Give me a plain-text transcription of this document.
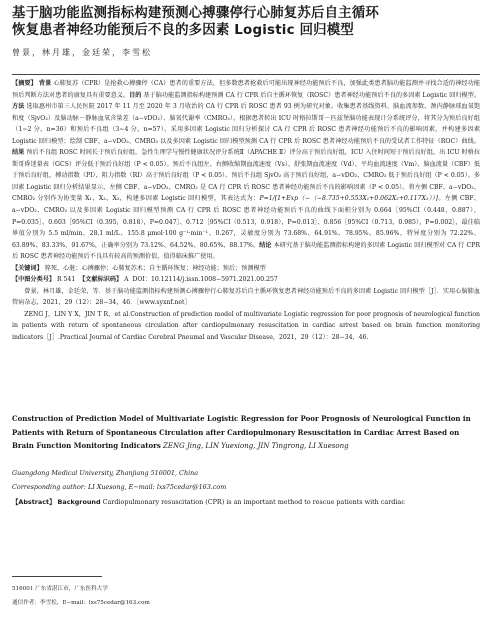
基于脑功能监测指标构建预测心搏骤停行心肺复苏后自主循环
恢复患者神经功能预后不良的多因素 Logistic 回归模型
曾景，林月雄，金廷荣，李雪松

【摘要】 背景 心肺复苏（CPR）是抢救心搏骤停（CA）患者的重要方法，但多数患者抢救后可能出现神经功能预后不良，加强此类患者脑功能监测并寻找合适的神经功能预后判断方法对患者的康复具有重要意义。目的 基于脑功能监测指标构建预测 CA 行 CPR 后自主循环恢复（ROSC）患者神经功能预后不良的多因素 Logistic 回归模型。方法 选取惠州市第三人民医院 2017 年 11 月至 2020 年 3 月收治的 CA 行 CPR 后 ROSC 患者 93 例为研究对象。收集患者基线资料、脑血流参数、颈内静脉球血氧饱和度（SjvO₂）及脑动脉－静脉血氧含量差（a−vDO₂）、脑氧代谢率（CMRO₂）。根据患者转出 ICU 时格拉斯哥－匹兹堡脑功能表现计分系统评分，将其分为预后良好组（1~2 分，n=36）和预后不良组（3~4 分，n=57）。采用多因素 Logistic 回归分析探讨 CA 行 CPR 后 ROSC 患者神经功能预后不良的影响因素，并构建多因素 Logistic 回归模型；绘制 CBF、a−vDO₂、CMRO₂ 以及多因素 Logistic 回归模型预测 CA 行 CPR 后 ROSC 患者神经功能预后不良的受试者工作特征（ROC）曲线。结果 预后不良组 ROSC 时间长于预后良好组，急性生理学与慢性健康状况评分系统Ⅱ（APACHE Ⅱ）评分高于预后良好组，ICU 入住时间短于预后良好组，出 ICU 时格拉斯哥昏迷量表（GCS）评分低于预后良好组（P < 0.05）。预后不良组左、右侧收缩期血流速度（Vs）、舒张期血流速度（Vd）、平均血流速度（Vm）、脑血流量（CBF）低于预后良好组，搏动指数（PI）、阻力指数（RI）高于预后良好组（P < 0.05）。预后不良组 SjvO₂ 高于预后良好组，a−vDO₂、CMRO₂ 低于预后良好组（P < 0.05）。多因素 Logistic 回归分析结果显示，左侧 CBF、a−vDO₂、CMRO₂ 是 CA 行 CPR 后 ROSC 患者神经功能预后不良的影响因素（P < 0.05）。将左侧 CBF、a−vDO₂、CMRO₂ 分别作为协变量 X₁、X₂、X₃，构建多因素 Logistic 回归模型，其表达式为：P=1/[1+Exp（−（−8.735+0.553X₁+0.062X₂+0.117X₃））]。左侧 CBF、a−vDO₂、CMRO₂ 以及多因素 Logistic 回归模型预测 CA 行 CPR 后 ROSC 患者神经功能预后不良的曲线下面积分别为 0.664［95%CI（0.448，0.887），P=0.035］、0.603［95%CI（0.395，0.818），P=0.047］、0.712［95%CI（0.513，0.918），P=0.013］、0.856［95%CI（0.713，0.985），P=0.002］，最佳临界值分别为 5.5 ml/min、28.1 ml/L、155.8 μmol·100 g⁻¹·min⁻¹、0.267，灵敏度分别为 73.68%、64.91%、78.95%、85.96%，特异度分别为 72.22%、63.89%、83.33%、91.67%，正确率分别为 73.12%、64.52%、80.65%、88.17%。结论 本研究基于脑功能监测指标构建的多因素 Logistic 回归模型对 CA 行 CPR 后 ROSC 患者神经功能预后不良具有较高的预测价值，值得临床推广使用。

【关键词】 猝死，心脏；心搏骤停；心肺复苏术；自主循环恢复；神经功能；预后；预测模型

【中图分类号】 R 541 【文献标识码】 A DOI：10.12114/j.issn.1008−5971.2021.00.257

曾景，林月雄，金廷荣，等．基于脑功能监测指标构建预测心搏骤停行心肺复苏后自主循环恢复患者神经功能预后不良的多因素 Logistic 回归模型［J］．实用心脑肺血管病杂志，2021，29（12）：28−34，46．［www.syxnf.net］

ZENG J，LIN Y X，JIN T R，et al.Construction of prediction model of multivariate Logistic regression for poor prognosis of neurological function in patients with return of spontaneous circulation after cardiopulmonary resuscitation in cardiac arrest based on brain function monitoring indicators［J］.Practical Journal of Cardiac Cerebral Pneumal and Vascular Disease，2021，29（12）：28−34，46.

Construction of Prediction Model of Multivariate Logistic Regression for Poor Prognosis of Neurological Function in Patients with Return of Spontaneous Circulation after Cardiopulmonary Resuscitation in Cardiac Arrest Based on Brain Function Monitoring Indicators ZENG Jing, LIN Yuexiong, JIN Tingrong, LI Xuesong
Guangdong Medical University, Zhanjiang 516001, China
Corresponding author: LI Xuesong, E−mail: lxs75cedar@163.com
【Abstract】 Background Cardiopulmonary resuscitation (CPR) is an important method to rescue patients with cardiac
516001 广东省湛江市，广东医科大学
通信作者：李雪松，E−mail：lxs75cedar@163.com
